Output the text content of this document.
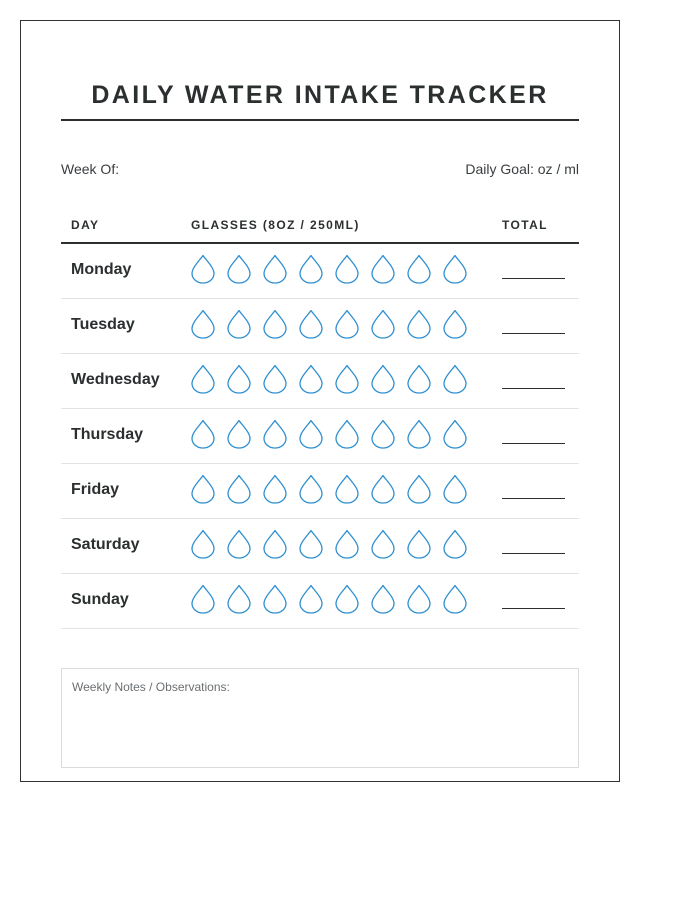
DAILY WATER INTAKE TRACKER
Week Of:	Daily Goal: oz / ml
DAY	GLASSES (8OZ / 250ML)	TOTAL
Monday
Tuesday
Wednesday
Thursday
Friday
Saturday
Sunday
Weekly Notes / Observations:
